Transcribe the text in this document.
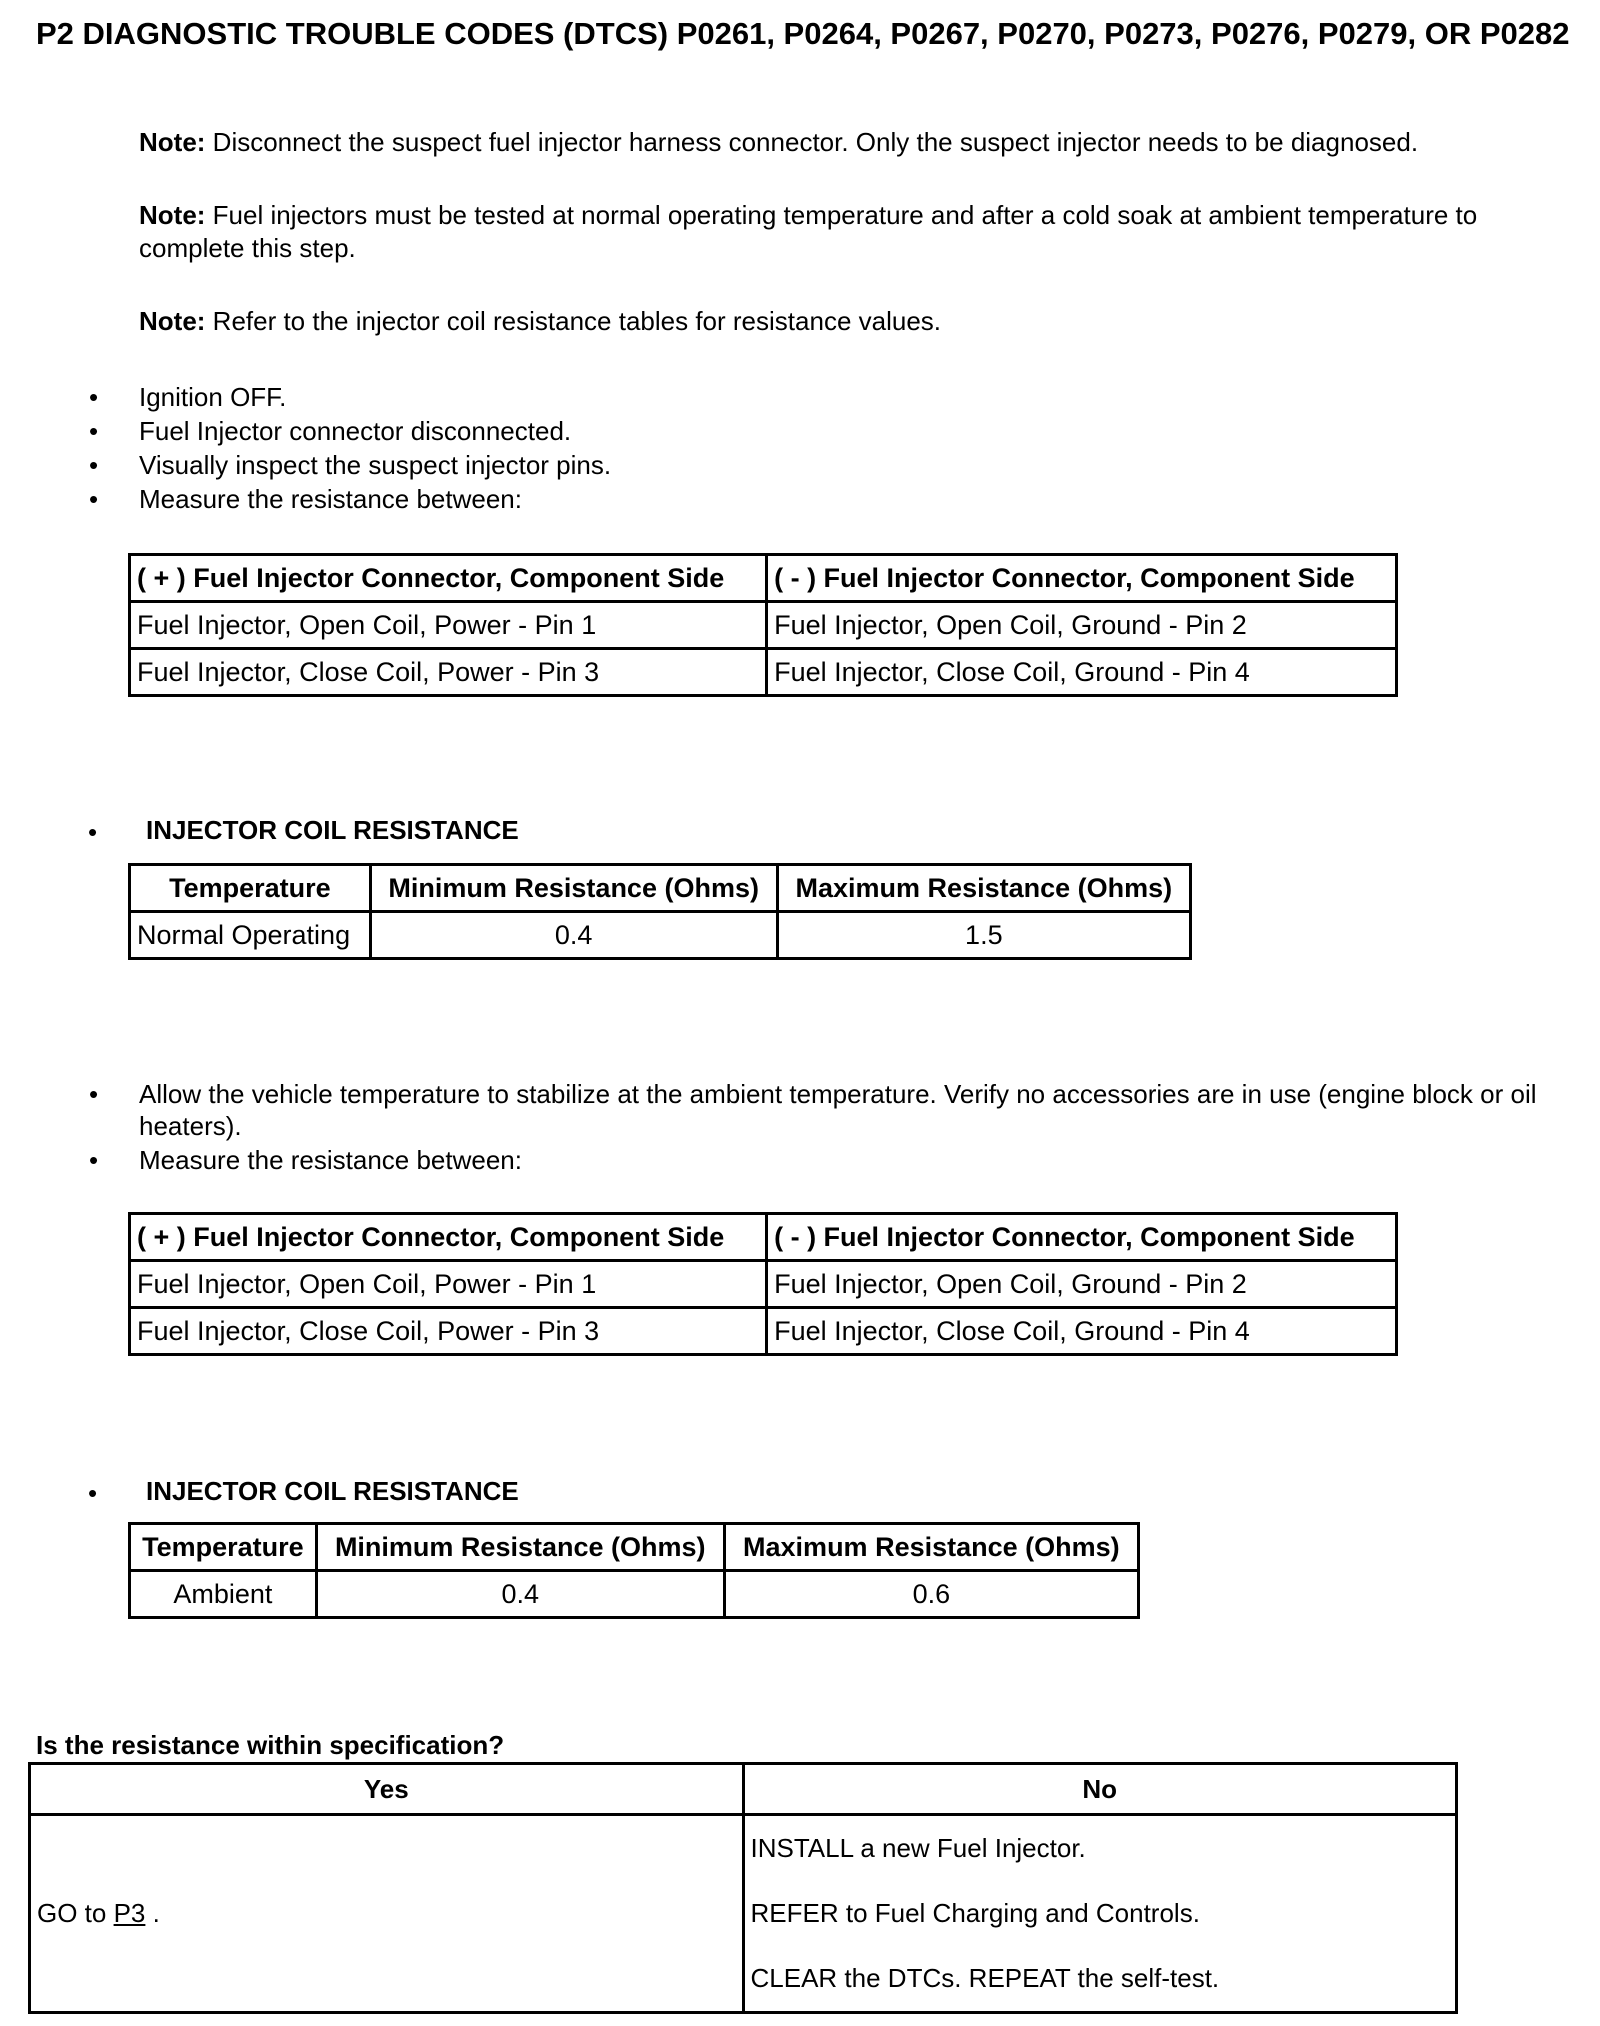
P2 DIAGNOSTIC TROUBLE CODES (DTCS) P0261, P0264, P0267, P0270, P0273, P0276, P0279, OR P0282
Note: Disconnect the suspect fuel injector harness connector. Only the suspect injector needs to be diagnosed.
Note: Fuel injectors must be tested at normal operating temperature and after a cold soak at ambient temperature to complete this step.
Note: Refer to the injector coil resistance tables for resistance values.
• Ignition OFF.
• Fuel Injector connector disconnected.
• Visually inspect the suspect injector pins.
• Measure the resistance between:
( + ) Fuel Injector Connector, Component Side	( - ) Fuel Injector Connector, Component Side
Fuel Injector, Open Coil, Power - Pin 1	Fuel Injector, Open Coil, Ground - Pin 2
Fuel Injector, Close Coil, Power - Pin 3	Fuel Injector, Close Coil, Ground - Pin 4
• INJECTOR COIL RESISTANCE
Temperature	Minimum Resistance (Ohms)	Maximum Resistance (Ohms)
Normal Operating	0.4	1.5
• Allow the vehicle temperature to stabilize at the ambient temperature. Verify no accessories are in use (engine block or oil heaters).
• Measure the resistance between:
( + ) Fuel Injector Connector, Component Side	( - ) Fuel Injector Connector, Component Side
Fuel Injector, Open Coil, Power - Pin 1	Fuel Injector, Open Coil, Ground - Pin 2
Fuel Injector, Close Coil, Power - Pin 3	Fuel Injector, Close Coil, Ground - Pin 4
• INJECTOR COIL RESISTANCE
Temperature	Minimum Resistance (Ohms)	Maximum Resistance (Ohms)
Ambient	0.4	0.6
Is the resistance within specification?
Yes	No
GO to P3 .	INSTALL a new Fuel Injector.
REFER to Fuel Charging and Controls.
CLEAR the DTCs. REPEAT the self-test.
